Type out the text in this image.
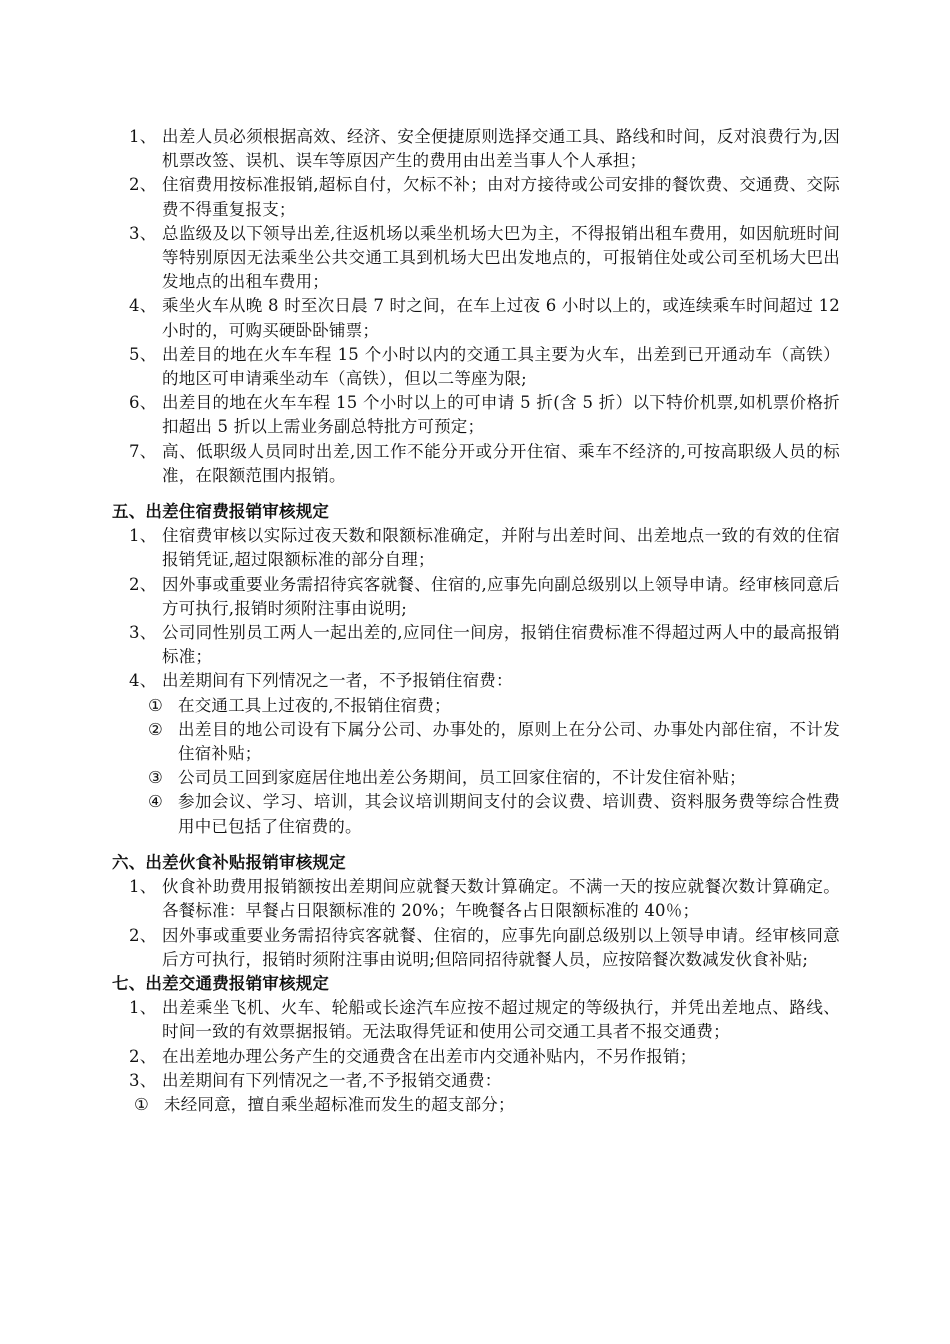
1、 出差人员必须根据高效、经济、安全便捷原则选择交通工具、路线和时间，反对浪费行为,因机票改签、误机、误车等原因产生的费用由出差当事人个人承担；
2、 住宿费用按标准报销,超标自付，欠标不补；由对方接待或公司安排的餐饮费、交通费、交际费不得重复报支；
3、 总监级及以下领导出差,往返机场以乘坐机场大巴为主，不得报销出租车费用，如因航班时间等特别原因无法乘坐公共交通工具到机场大巴出发地点的，可报销住处或公司至机场大巴出发地点的出租车费用；
4、 乘坐火车从晚 8 时至次日晨 7 时之间，在车上过夜 6 小时以上的，或连续乘车时间超过 12 小时的，可购买硬卧卧铺票；
5、 出差目的地在火车车程 15 个小时以内的交通工具主要为火车，出差到已开通动车（高铁）的地区可申请乘坐动车（高铁），但以二等座为限;
6、 出差目的地在火车车程 15 个小时以上的可申请 5 折(含 5 折）以下特价机票,如机票价格折扣超出 5 折以上需业务副总特批方可预定；
7、 高、低职级人员同时出差,因工作不能分开或分开住宿、乘车不经济的,可按高职级人员的标准，在限额范围内报销。
五、出差住宿费报销审核规定
1、 住宿费审核以实际过夜天数和限额标准确定，并附与出差时间、出差地点一致的有效的住宿报销凭证,超过限额标准的部分自理；
2、 因外事或重要业务需招待宾客就餐、住宿的,应事先向副总级别以上领导申请。经审核同意后方可执行,报销时须附注事由说明;
3、 公司同性别员工两人一起出差的,应同住一间房，报销住宿费标准不得超过两人中的最高报销标准；
4、 出差期间有下列情况之一者，不予报销住宿费：
① 在交通工具上过夜的,不报销住宿费；
② 出差目的地公司设有下属分公司、办事处的，原则上在分公司、办事处内部住宿，不计发住宿补贴；
③ 公司员工回到家庭居住地出差公务期间，员工回家住宿的，不计发住宿补贴；
④ 参加会议、学习、培训，其会议培训期间支付的会议费、培训费、资料服务费等综合性费用中已包括了住宿费的。
六、出差伙食补贴报销审核规定
1、 伙食补助费用报销额按出差期间应就餐天数计算确定。不满一天的按应就餐次数计算确定。各餐标准：早餐占日限额标准的 20%；午晚餐各占日限额标准的 40％；
2、 因外事或重要业务需招待宾客就餐、住宿的，应事先向副总级别以上领导申请。经审核同意后方可执行，报销时须附注事由说明;但陪同招待就餐人员，应按陪餐次数减发伙食补贴;
七、出差交通费报销审核规定
1、 出差乘坐飞机、火车、轮船或长途汽车应按不超过规定的等级执行，并凭出差地点、路线、时间一致的有效票据报销。无法取得凭证和使用公司交通工具者不报交通费；
2、 在出差地办理公务产生的交通费含在出差市内交通补贴内，不另作报销；
3、 出差期间有下列情况之一者,不予报销交通费：
① 未经同意，擅自乘坐超标准而发生的超支部分；
